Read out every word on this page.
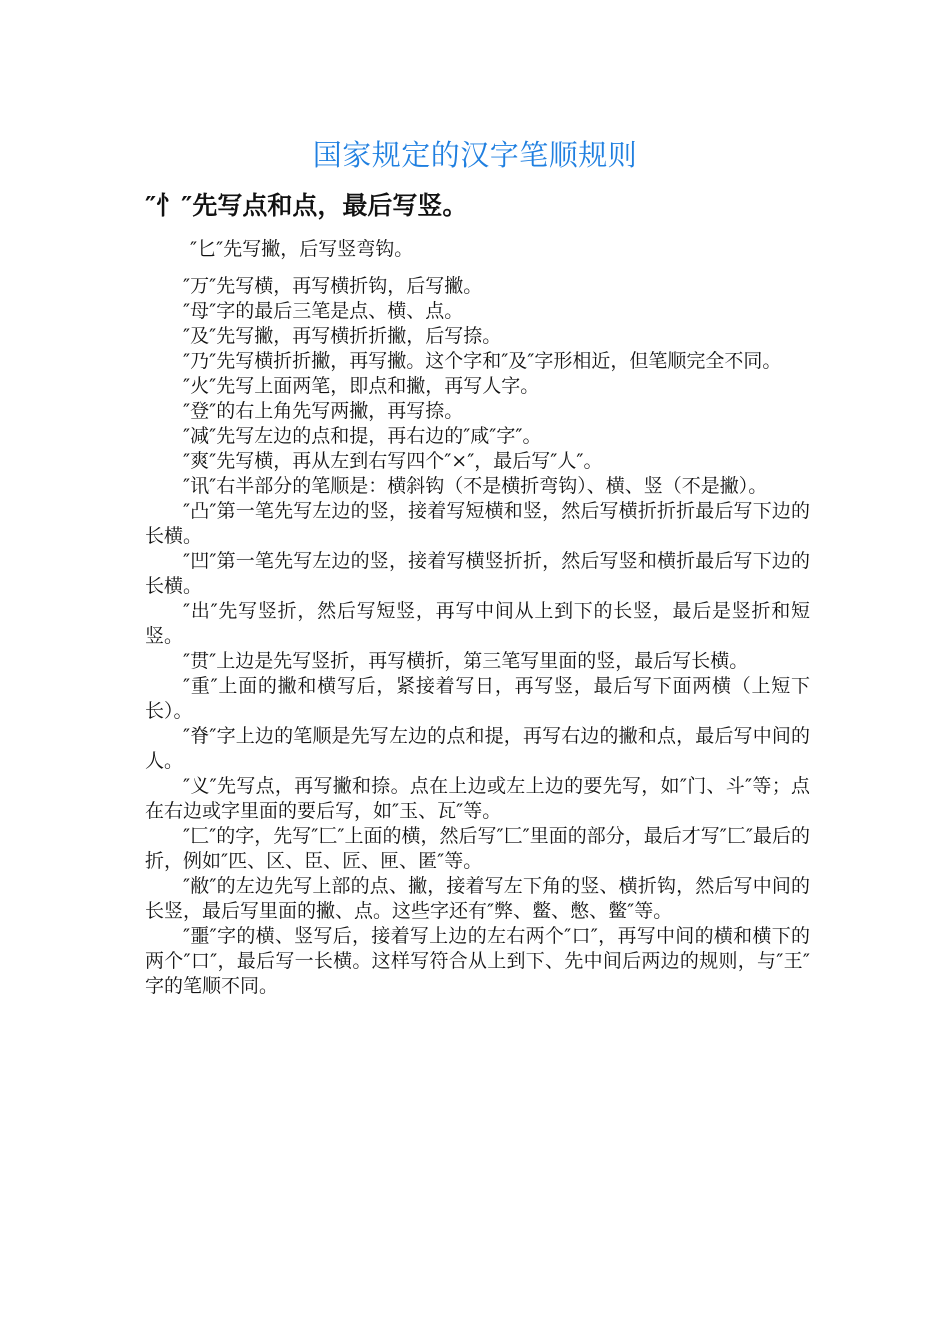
国家规定的汉字笔顺规则
″忄″先写点和点，最后写竖。
″匕″先写撇，后写竖弯钩。

″万″先写横，再写横折钩，后写撇。

″母″字的最后三笔是点、横、点。

″及″先写撇，再写横折折撇，后写捺。

″乃″先写横折折撇，再写撇。这个字和″及″字形相近，但笔顺完全不同。

″火″先写上面两笔，即点和撇，再写人字。

″登″的右上角先写两撇，再写捺。

″减″先写左边的点和提，再右边的″咸″字″。

″爽″先写横，再从左到右写四个″×″，最后写″人″。

″讯″右半部分的笔顺是：横斜钩（不是横折弯钩）、横、竖（不是撇）。

″凸″第一笔先写左边的竖，接着写短横和竖，然后写横折折折最后写下边的长横。

″凹″第一笔先写左边的竖，接着写横竖折折，然后写竖和横折最后写下边的长横。

″出″先写竖折，然后写短竖，再写中间从上到下的长竖，最后是竖折和短竖。

″贯″上边是先写竖折，再写横折，第三笔写里面的竖，最后写长横。

″重″上面的撇和横写后，紧接着写日，再写竖，最后写下面两横（上短下长）。

″脊″字上边的笔顺是先写左边的点和提，再写右边的撇和点，最后写中间的人。

″义″先写点，再写撇和捺。点在上边或左上边的要先写，如″门、斗″等；点在右边或字里面的要后写，如″玉、瓦″等。

″匚″的字，先写″匚″上面的横，然后写″匚″里面的部分，最后才写″匚″最后的折，例如″匹、区、臣、匠、匣、匿″等。

″敝″的左边先写上部的点、撇，接着写左下角的竖、横折钩，然后写中间的长竖，最后写里面的撇、点。这些字还有″弊、鳖、憋、鳖″等。

″噩″字的横、竖写后，接着写上边的左右两个″口″，再写中间的横和横下的两个″口″，最后写一长横。这样写符合从上到下、先中间后两边的规则，与″王″字的笔顺不同。
